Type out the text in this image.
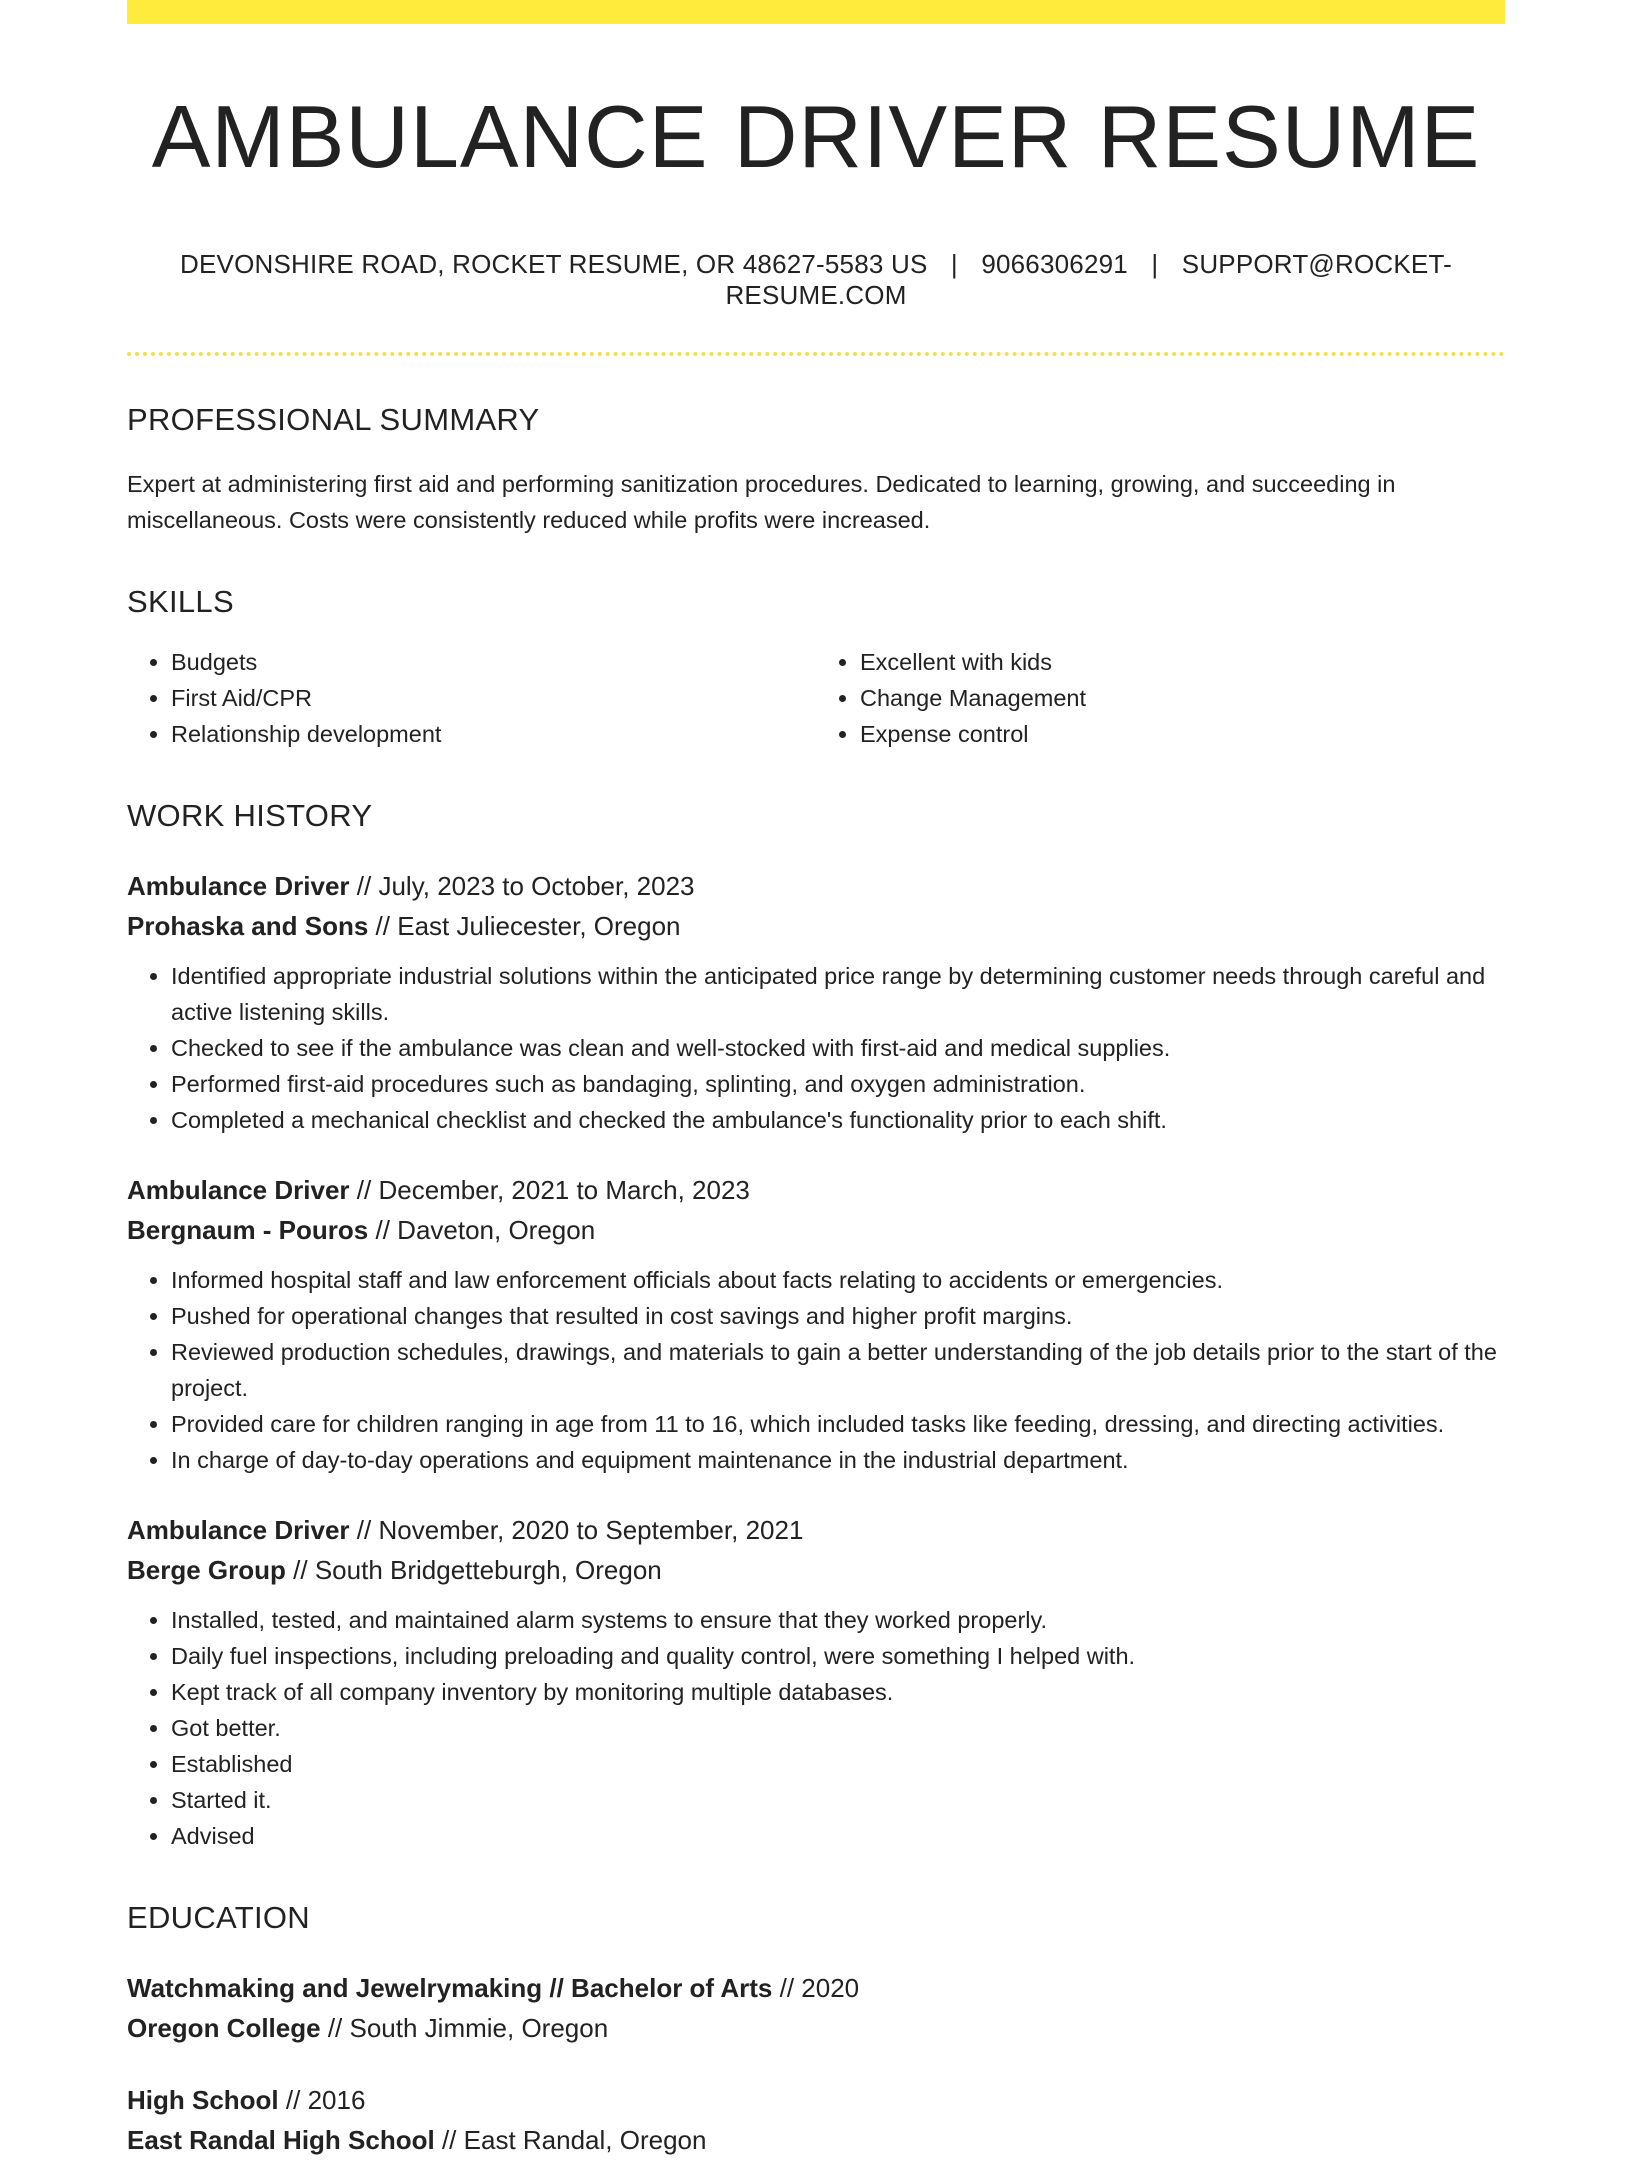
AMBULANCE DRIVER RESUME
DEVONSHIRE ROAD, ROCKET RESUME, OR 48627-5583 US | 9066306291 | SUPPORT@ROCKET-RESUME.COM
PROFESSIONAL SUMMARY

Expert at administering first aid and performing sanitization procedures. Dedicated to learning, growing, and succeeding in miscellaneous. Costs were consistently reduced while profits were increased.

SKILLS
• Budgets
• First Aid/CPR
• Relationship development
• Excellent with kids
• Change Management
• Expense control
WORK HISTORY
Ambulance Driver // July, 2023 to October, 2023
Prohaska and Sons // East Juliecester, Oregon
• Identified appropriate industrial solutions within the anticipated price range by determining customer needs through careful and active listening skills.
• Checked to see if the ambulance was clean and well-stocked with first-aid and medical supplies.
• Performed first-aid procedures such as bandaging, splinting, and oxygen administration.
• Completed a mechanical checklist and checked the ambulance's functionality prior to each shift.
Ambulance Driver // December, 2021 to March, 2023
Bergnaum - Pouros // Daveton, Oregon
• Informed hospital staff and law enforcement officials about facts relating to accidents or emergencies.
• Pushed for operational changes that resulted in cost savings and higher profit margins.
• Reviewed production schedules, drawings, and materials to gain a better understanding of the job details prior to the start of the project.
• Provided care for children ranging in age from 11 to 16, which included tasks like feeding, dressing, and directing activities.
• In charge of day-to-day operations and equipment maintenance in the industrial department.
Ambulance Driver // November, 2020 to September, 2021
Berge Group // South Bridgetteburgh, Oregon
• Installed, tested, and maintained alarm systems to ensure that they worked properly.
• Daily fuel inspections, including preloading and quality control, were something I helped with.
• Kept track of all company inventory by monitoring multiple databases.
• Got better.
• Established
• Started it.
• Advised
EDUCATION
Watchmaking and Jewelrymaking // Bachelor of Arts // 2020
Oregon College // South Jimmie, Oregon
High School // 2016
East Randal High School // East Randal, Oregon
